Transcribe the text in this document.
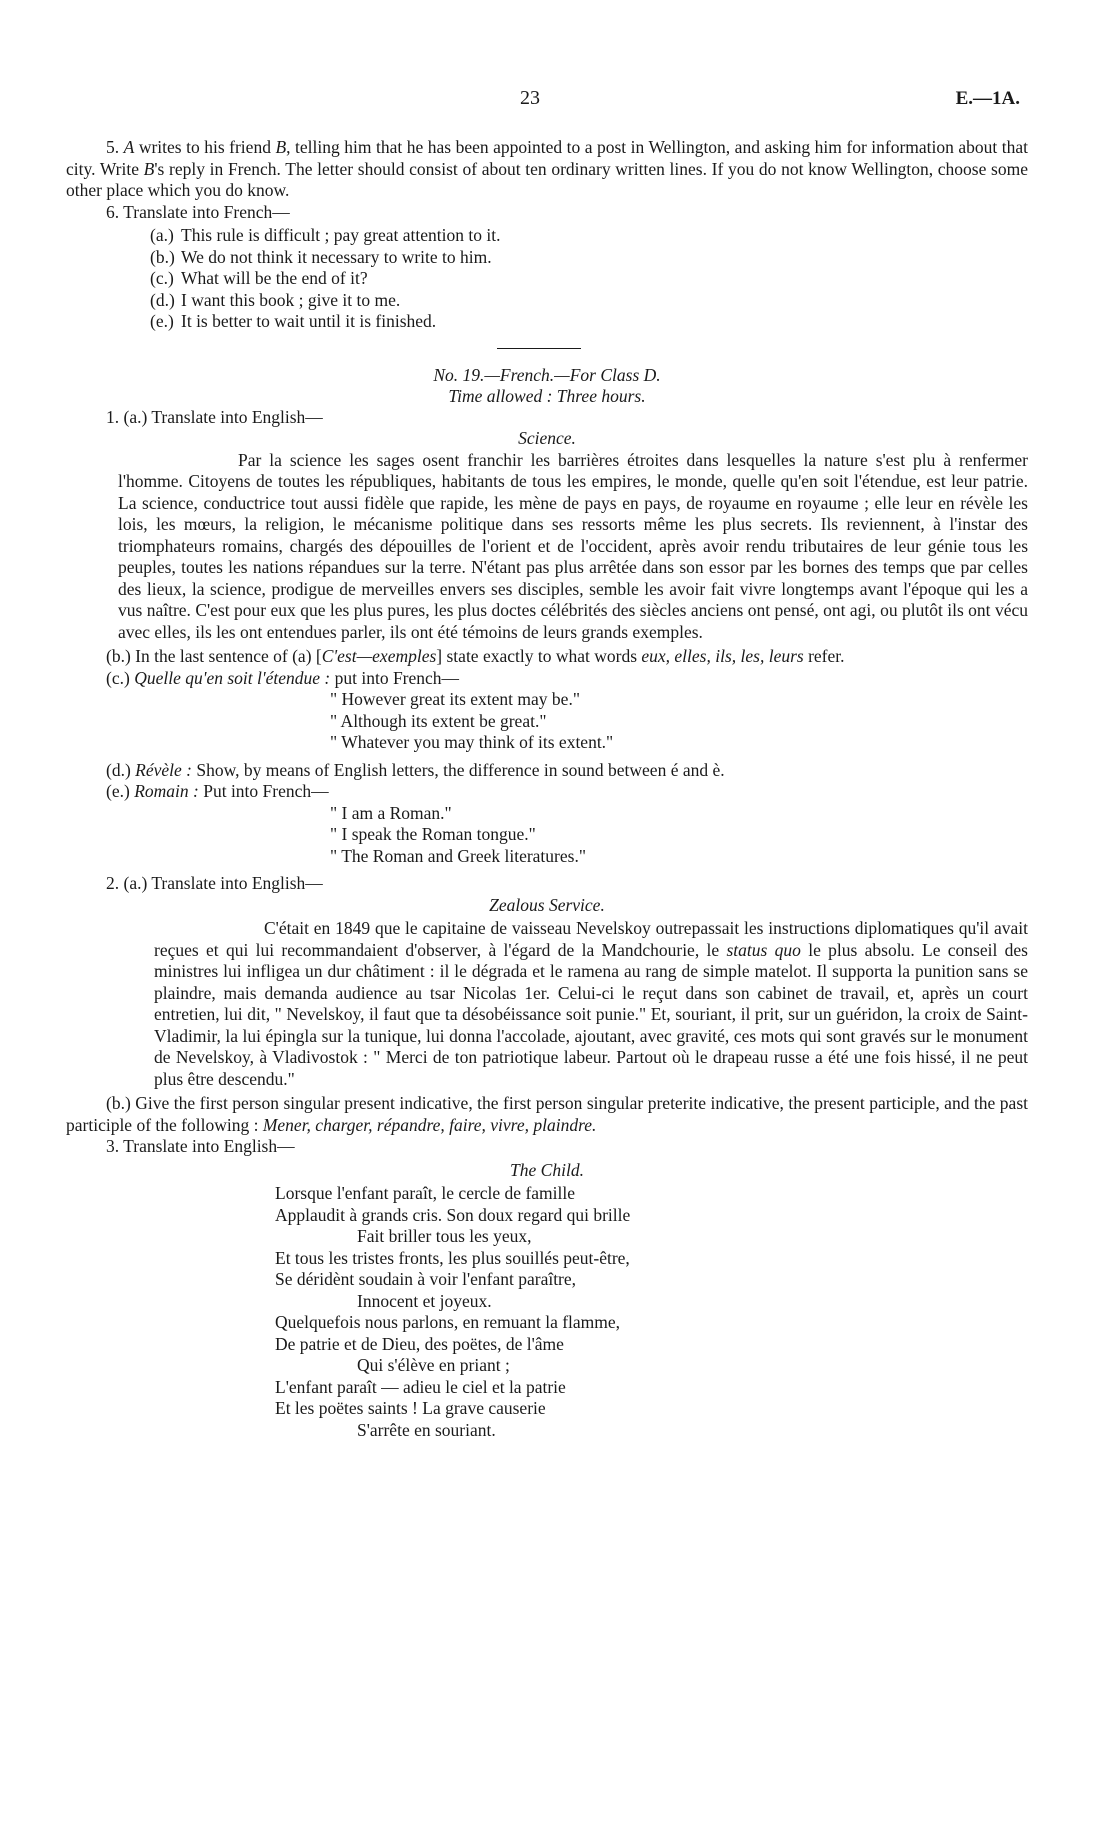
23	E.—1A.

5. A writes to his friend B, telling him that he has been appointed to a post in Wellington, and asking him for information about that city. Write B's reply in French. The letter should consist of about ten ordinary written lines. If you do not know Wellington, choose some other place which you do know.

6. Translate into French—

(a.) This rule is difficult ; pay great attention to it.
(b.) We do not think it necessary to write to him.
(c.) What will be the end of it?
(d.) I want this book ; give it to me.
(e.) It is better to wait until it is finished.

No. 19.—French.—For Class D.

Time allowed : Three hours.

1. (a.) Translate into English—

Science.

Par la science les sages osent franchir les barrières étroites dans lesquelles la nature s'est plu à renfermer l'homme. Citoyens de toutes les républiques, habitants de tous les empires, le monde, quelle qu'en soit l'étendue, est leur patrie. La science, conductrice tout aussi fidèle que rapide, les mène de pays en pays, de royaume en royaume ; elle leur en révèle les lois, les mœurs, la religion, le mécanisme politique dans ses ressorts même les plus secrets. Ils reviennent, à l'instar des triomphateurs romains, chargés des dépouilles de l'orient et de l'occident, après avoir rendu tributaires de leur génie tous les peuples, toutes les nations répandues sur la terre. N'étant pas plus arrêtée dans son essor par les bornes des temps que par celles des lieux, la science, prodigue de merveilles envers ses disciples, semble les avoir fait vivre longtemps avant l'époque qui les a vus naître. C'est pour eux que les plus pures, les plus doctes célébrités des siècles anciens ont pensé, ont agi, ou plutôt ils ont vécu avec elles, ils les ont entendues parler, ils ont été témoins de leurs grands exemples.

(b.) In the last sentence of (a) [C'est—exemples] state exactly to what words eux, elles, ils, les, leurs refer.

(c.) Quelle qu'en soit l'étendue : put into French—

" However great its extent may be."
" Although its extent be great."
" Whatever you may think of its extent."

(d.) Révèle : Show, by means of English letters, the difference in sound between é and è.

(e.) Romain : Put into French—

" I am a Roman."
" I speak the Roman tongue."
" The Roman and Greek literatures."

2. (a.) Translate into English—

Zealous Service.

C'était en 1849 que le capitaine de vaisseau Nevelskoy outrepassait les instructions diplomatiques qu'il avait reçues et qui lui recommandaient d'observer, à l'égard de la Mandchourie, le status quo le plus absolu. Le conseil des ministres lui infligea un dur châtiment : il le dégrada et le ramena au rang de simple matelot. Il supporta la punition sans se plaindre, mais demanda audience au tsar Nicolas 1er. Celui-ci le reçut dans son cabinet de travail, et, après un court entretien, lui dit, " Nevelskoy, il faut que ta désobéissance soit punie." Et, souriant, il prit, sur un guéridon, la croix de Saint-Vladimir, la lui épingla sur la tunique, lui donna l'accolade, ajoutant, avec gravité, ces mots qui sont gravés sur le monument de Nevelskoy, à Vladivostok : " Merci de ton patriotique labeur. Partout où le drapeau russe a été une fois hissé, il ne peut plus être descendu."

(b.) Give the first person singular present indicative, the first person singular preterite indicative, the present participle, and the past participle of the following : Mener, charger, répandre, faire, vivre, plaindre.

3. Translate into English—

The Child.

Lorsque l'enfant paraît, le cercle de famille
Applaudit à grands cris. Son doux regard qui brille
Fait briller tous les yeux,
Et tous les tristes fronts, les plus souillés peut-être,
Se déridènt soudain à voir l'enfant paraître,
Innocent et joyeux.
Quelquefois nous parlons, en remuant la flamme,
De patrie et de Dieu, des poëtes, de l'âme
Qui s'élève en priant ;
L'enfant paraît — adieu le ciel et la patrie
Et les poëtes saints ! La grave causerie
S'arrête en souriant.
